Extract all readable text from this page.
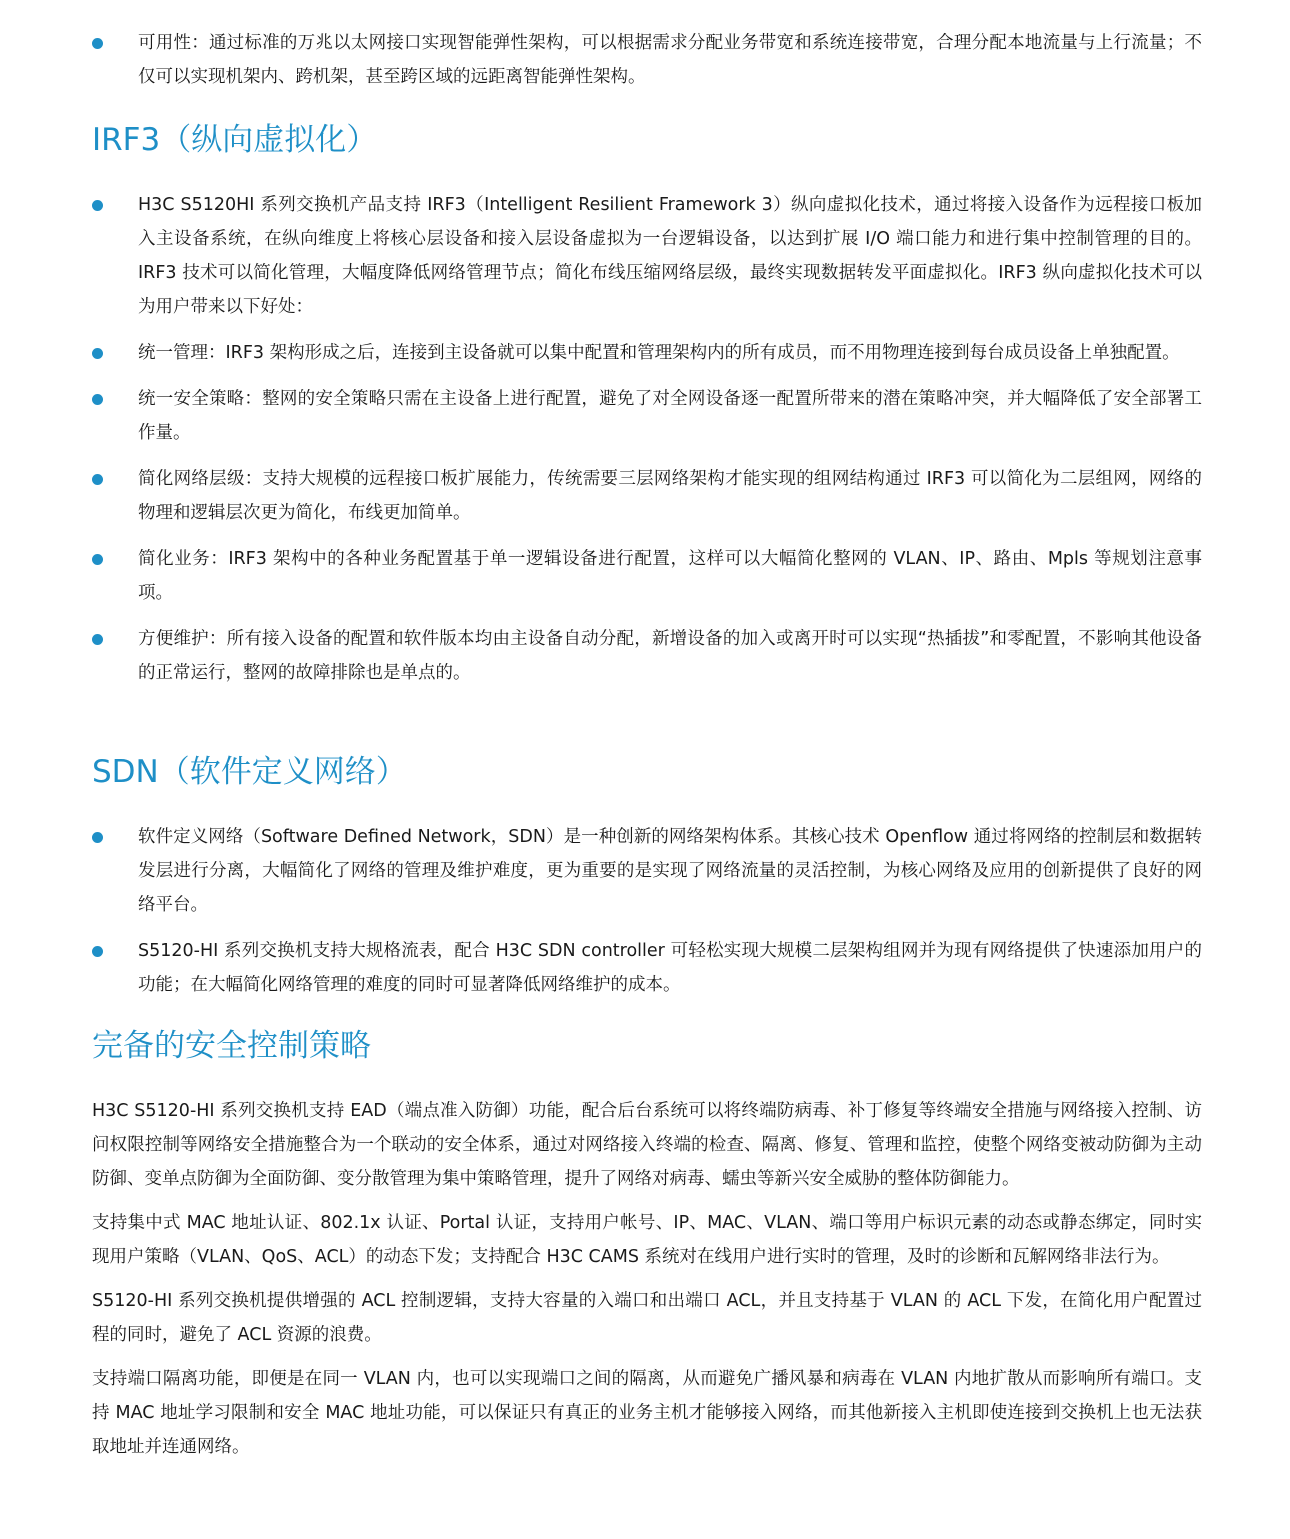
可用性：通过标准的万兆以太网接口实现智能弹性架构，可以根据需求分配业务带宽和系统连接带宽，合理分配本地流量与上行流量；不仅可以实现机架内、跨机架，甚至跨区域的远距离智能弹性架构。
IRF3（纵向虚拟化）
H3C S5120HI 系列交换机产品支持 IRF3（Intelligent Resilient Framework 3）纵向虚拟化技术，通过将接入设备作为远程接口板加入主设备系统，在纵向维度上将核心层设备和接入层设备虚拟为一台逻辑设备，以达到扩展 I/O 端口能力和进行集中控制管理的目的。IRF3 技术可以简化管理，大幅度降低网络管理节点；简化布线压缩网络层级，最终实现数据转发平面虚拟化。IRF3 纵向虚拟化技术可以为用户带来以下好处：
统一管理：IRF3 架构形成之后，连接到主设备就可以集中配置和管理架构内的所有成员，而不用物理连接到每台成员设备上单独配置。
统一安全策略：整网的安全策略只需在主设备上进行配置，避免了对全网设备逐一配置所带来的潜在策略冲突，并大幅降低了安全部署工作量。
简化网络层级：支持大规模的远程接口板扩展能力，传统需要三层网络架构才能实现的组网结构通过 IRF3 可以简化为二层组网，网络的物理和逻辑层次更为简化，布线更加简单。
简化业务：IRF3 架构中的各种业务配置基于单一逻辑设备进行配置，这样可以大幅简化整网的 VLAN、IP、路由、Mpls 等规划注意事项。
方便维护：所有接入设备的配置和软件版本均由主设备自动分配，新增设备的加入或离开时可以实现“热插拔”和零配置，不影响其他设备的正常运行，整网的故障排除也是单点的。
SDN（软件定义网络）
软件定义网络（Software Defined Network，SDN）是一种创新的网络架构体系。其核心技术 Openflow 通过将网络的控制层和数据转发层进行分离，大幅简化了网络的管理及维护难度，更为重要的是实现了网络流量的灵活控制，为核心网络及应用的创新提供了良好的网络平台。
S5120-HI 系列交换机支持大规格流表，配合 H3C SDN controller 可轻松实现大规模二层架构组网并为现有网络提供了快速添加用户的功能；在大幅简化网络管理的难度的同时可显著降低网络维护的成本。
完备的安全控制策略

H3C S5120-HI 系列交换机支持 EAD（端点准入防御）功能，配合后台系统可以将终端防病毒、补丁修复等终端安全措施与网络接入控制、访问权限控制等网络安全措施整合为一个联动的安全体系，通过对网络接入终端的检查、隔离、修复、管理和监控，使整个网络变被动防御为主动防御、变单点防御为全面防御、变分散管理为集中策略管理，提升了网络对病毒、蠕虫等新兴安全威胁的整体防御能力。

支持集中式 MAC 地址认证、802.1x 认证、Portal 认证，支持用户帐号、IP、MAC、VLAN、端口等用户标识元素的动态或静态绑定，同时实现用户策略（VLAN、QoS、ACL）的动态下发；支持配合 H3C CAMS 系统对在线用户进行实时的管理，及时的诊断和瓦解网络非法行为。

S5120-HI 系列交换机提供增强的 ACL 控制逻辑，支持大容量的入端口和出端口 ACL，并且支持基于 VLAN 的 ACL 下发，在简化用户配置过程的同时，避免了 ACL 资源的浪费。

支持端口隔离功能，即便是在同一 VLAN 内，也可以实现端口之间的隔离，从而避免广播风暴和病毒在 VLAN 内地扩散从而影响所有端口。支持 MAC 地址学习限制和安全 MAC 地址功能，可以保证只有真正的业务主机才能够接入网络，而其他新接入主机即使连接到交换机上也无法获取地址并连通网络。
